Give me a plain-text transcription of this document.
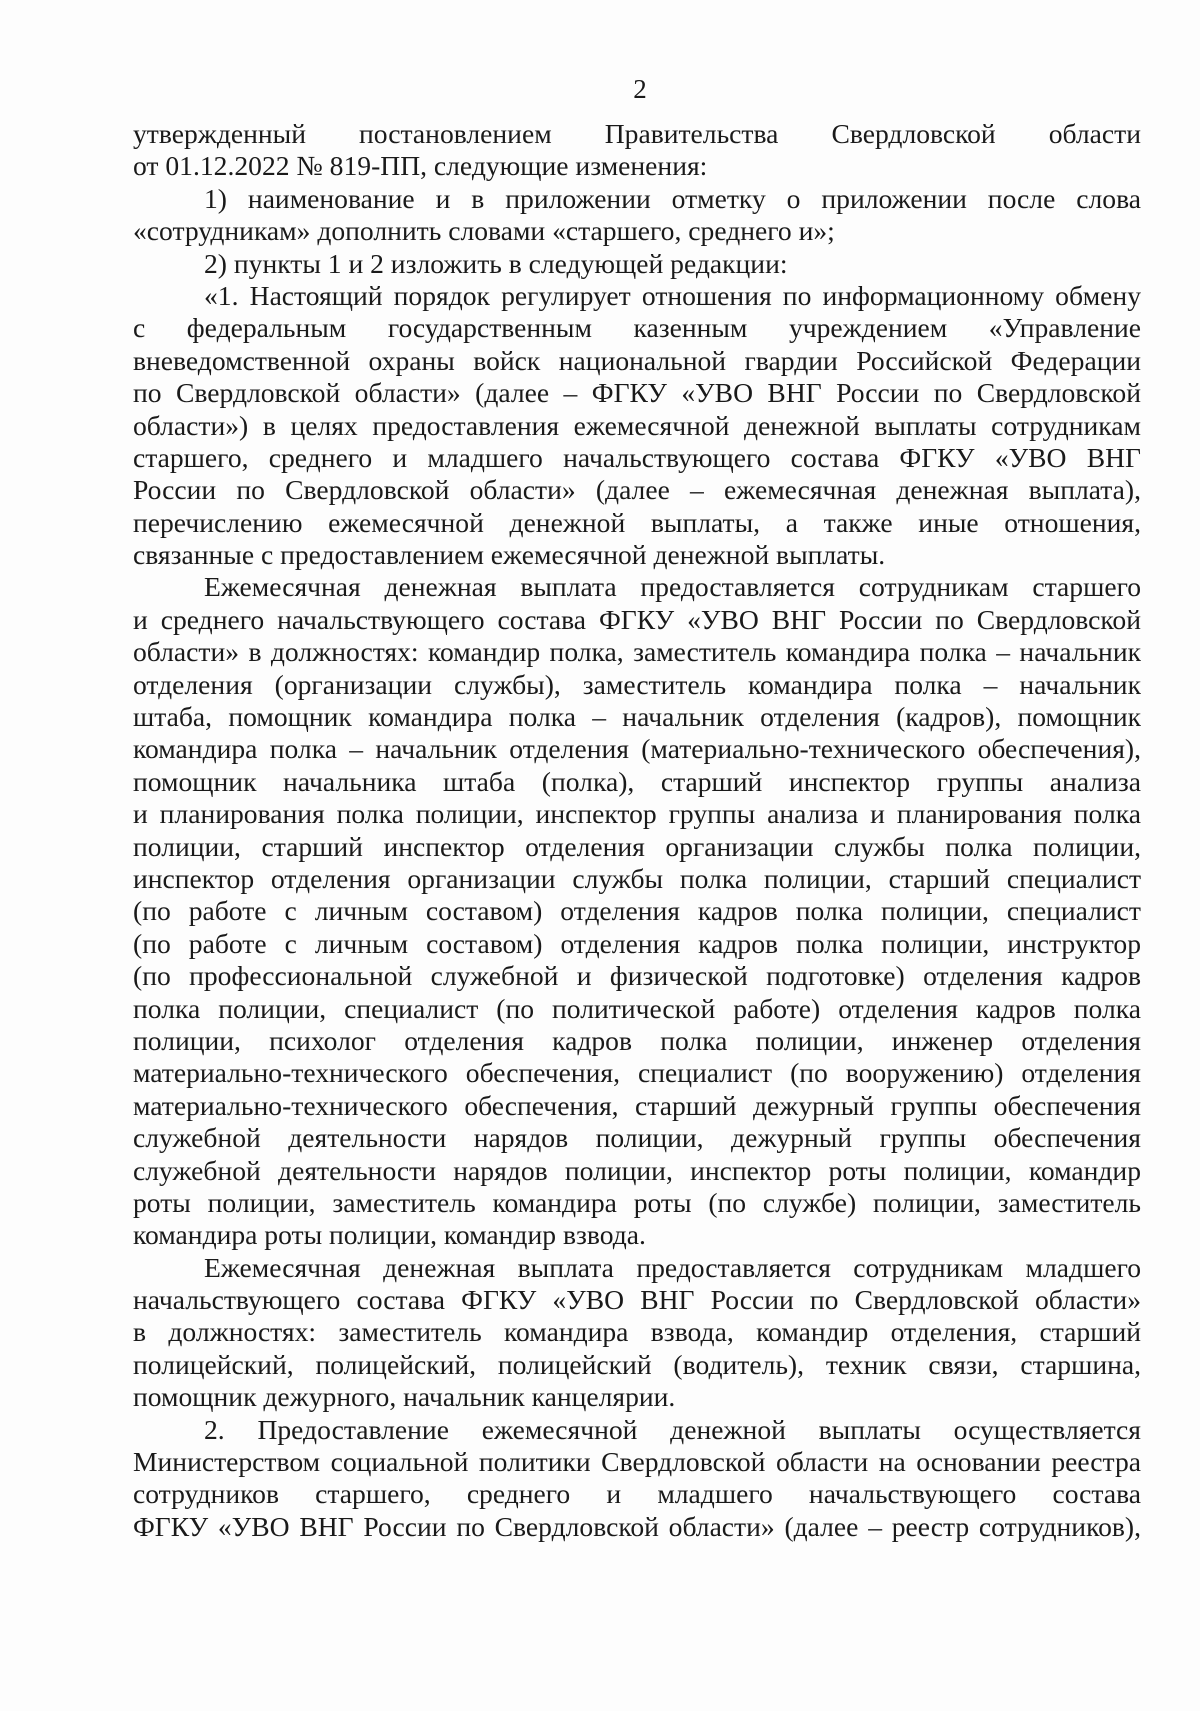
2
утвержденный постановлением Правительства Свердловской области
от 01.12.2022 № 819-ПП, следующие изменения:
1) наименование и в приложении отметку о приложении после слова
«сотрудникам» дополнить словами «старшего, среднего и»;
2) пункты 1 и 2 изложить в следующей редакции:
«1. Настоящий порядок регулирует отношения по информационному обмену
с федеральным государственным казенным учреждением «Управление
вневедомственной охраны войск национальной гвардии Российской Федерации
по Свердловской области» (далее – ФГКУ «УВО ВНГ России по Свердловской
области») в целях предоставления ежемесячной денежной выплаты сотрудникам
старшего, среднего и младшего начальствующего состава ФГКУ «УВО ВНГ
России по Свердловской области» (далее – ежемесячная денежная выплата),
перечислению ежемесячной денежной выплаты, а также иные отношения,
связанные с предоставлением ежемесячной денежной выплаты.
Ежемесячная денежная выплата предоставляется сотрудникам старшего
и среднего начальствующего состава ФГКУ «УВО ВНГ России по Свердловской
области» в должностях: командир полка, заместитель командира полка – начальник
отделения (организации службы), заместитель командира полка – начальник
штаба, помощник командира полка – начальник отделения (кадров), помощник
командира полка – начальник отделения (материально-технического обеспечения),
помощник начальника штаба (полка), старший инспектор группы анализа
и планирования полка полиции, инспектор группы анализа и планирования полка
полиции, старший инспектор отделения организации службы полка полиции,
инспектор отделения организации службы полка полиции, старший специалист
(по работе с личным составом) отделения кадров полка полиции, специалист
(по работе с личным составом) отделения кадров полка полиции, инструктор
(по профессиональной служебной и физической подготовке) отделения кадров
полка полиции, специалист (по политической работе) отделения кадров полка
полиции, психолог отделения кадров полка полиции, инженер отделения
материально-технического обеспечения, специалист (по вооружению) отделения
материально-технического обеспечения, старший дежурный группы обеспечения
служебной деятельности нарядов полиции, дежурный группы обеспечения
служебной деятельности нарядов полиции, инспектор роты полиции, командир
роты полиции, заместитель командира роты (по службе) полиции, заместитель
командира роты полиции, командир взвода.
Ежемесячная денежная выплата предоставляется сотрудникам младшего
начальствующего состава ФГКУ «УВО ВНГ России по Свердловской области»
в должностях: заместитель командира взвода, командир отделения, старший
полицейский, полицейский, полицейский (водитель), техник связи, старшина,
помощник дежурного, начальник канцелярии.
2. Предоставление ежемесячной денежной выплаты осуществляется
Министерством социальной политики Свердловской области на основании реестра
сотрудников старшего, среднего и младшего начальствующего состава
ФГКУ «УВО ВНГ России по Свердловской области» (далее – реестр сотрудников),
